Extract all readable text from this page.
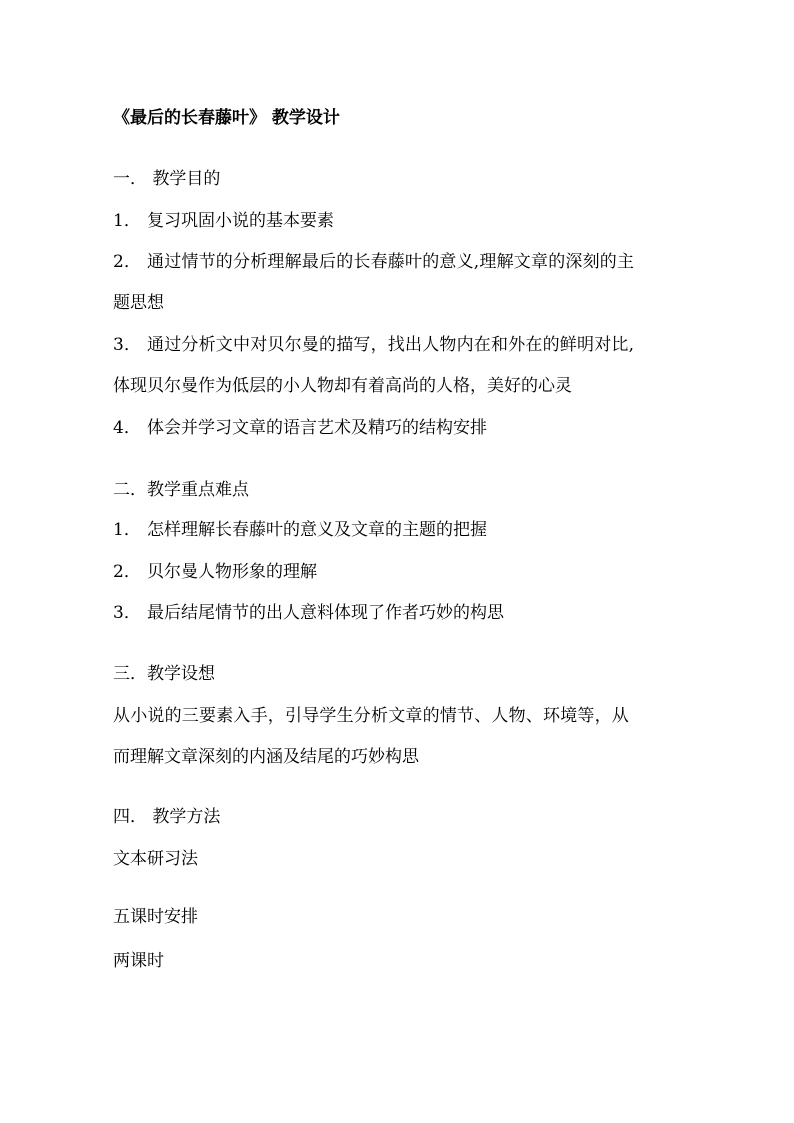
《最后的长春藤叶》 教学设计
一． 教学目的
1． 复习巩固小说的基本要素
2． 通过情节的分析理解最后的长春藤叶的意义,理解文章的深刻的主
题思想
3． 通过分析文中对贝尔曼的描写，找出人物内在和外在的鲜明对比,
体现贝尔曼作为低层的小人物却有着高尚的人格，美好的心灵
4． 体会并学习文章的语言艺术及精巧的结构安排
二．教学重点难点
1． 怎样理解长春藤叶的意义及文章的主题的把握
2． 贝尔曼人物形象的理解
3． 最后结尾情节的出人意料体现了作者巧妙的构思
三．教学设想
从小说的三要素入手，引导学生分析文章的情节、人物、环境等，从
而理解文章深刻的内涵及结尾的巧妙构思
四． 教学方法
文本研习法
五课时安排
两课时
